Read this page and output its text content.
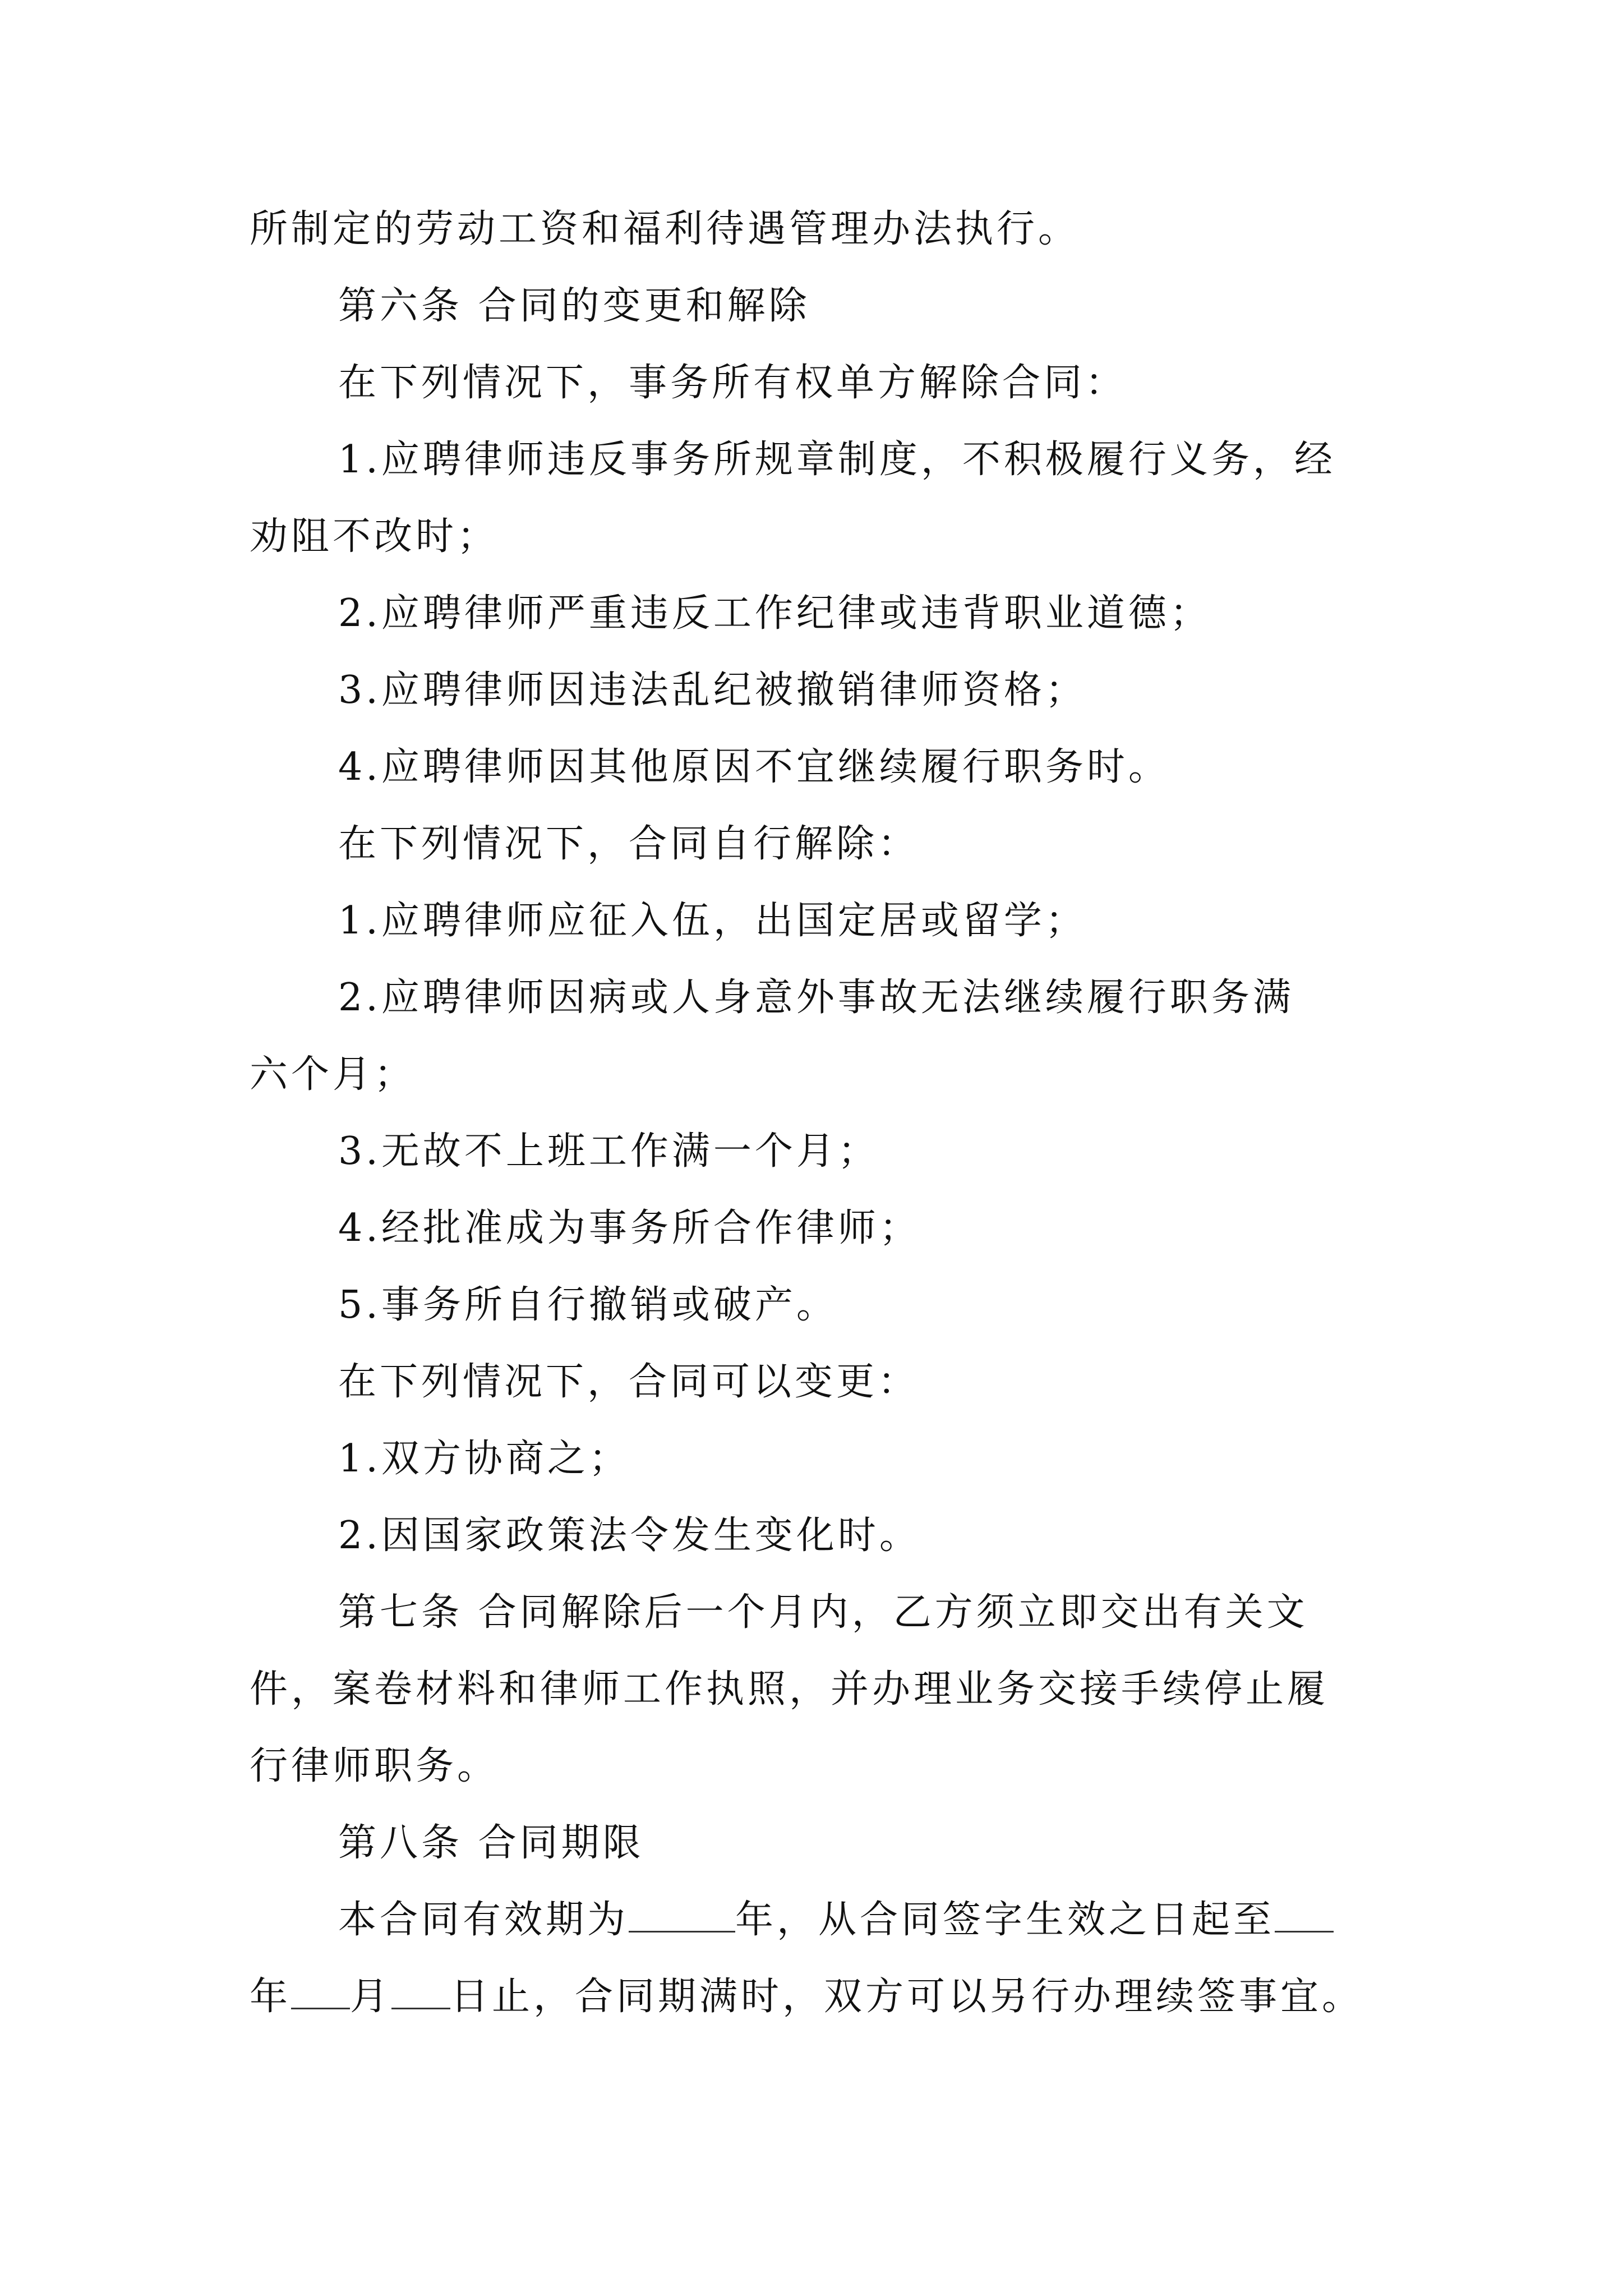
所制定的劳动工资和福利待遇管理办法执行。
第六条 合同的变更和解除
在下列情况下，事务所有权单方解除合同：
1.应聘律师违反事务所规章制度，不积极履行义务，经
劝阻不改时；
2.应聘律师严重违反工作纪律或违背职业道德；
3.应聘律师因违法乱纪被撤销律师资格；
4.应聘律师因其他原因不宜继续履行职务时。
在下列情况下，合同自行解除：
1.应聘律师应征入伍，出国定居或留学；
2.应聘律师因病或人身意外事故无法继续履行职务满
六个月；
3.无故不上班工作满一个月；
4.经批准成为事务所合作律师；
5.事务所自行撤销或破产。
在下列情况下，合同可以变更：
1.双方协商之；
2.因国家政策法令发生变化时。
第七条 合同解除后一个月内，乙方须立即交出有关文
件，案卷材料和律师工作执照，并办理业务交接手续停止履
行律师职务。
第八条 合同期限
本合同有效期为	年，从合同签字生效之日起至
年 月 日止，合同期满时，双方可以另行办理续签事宜。
